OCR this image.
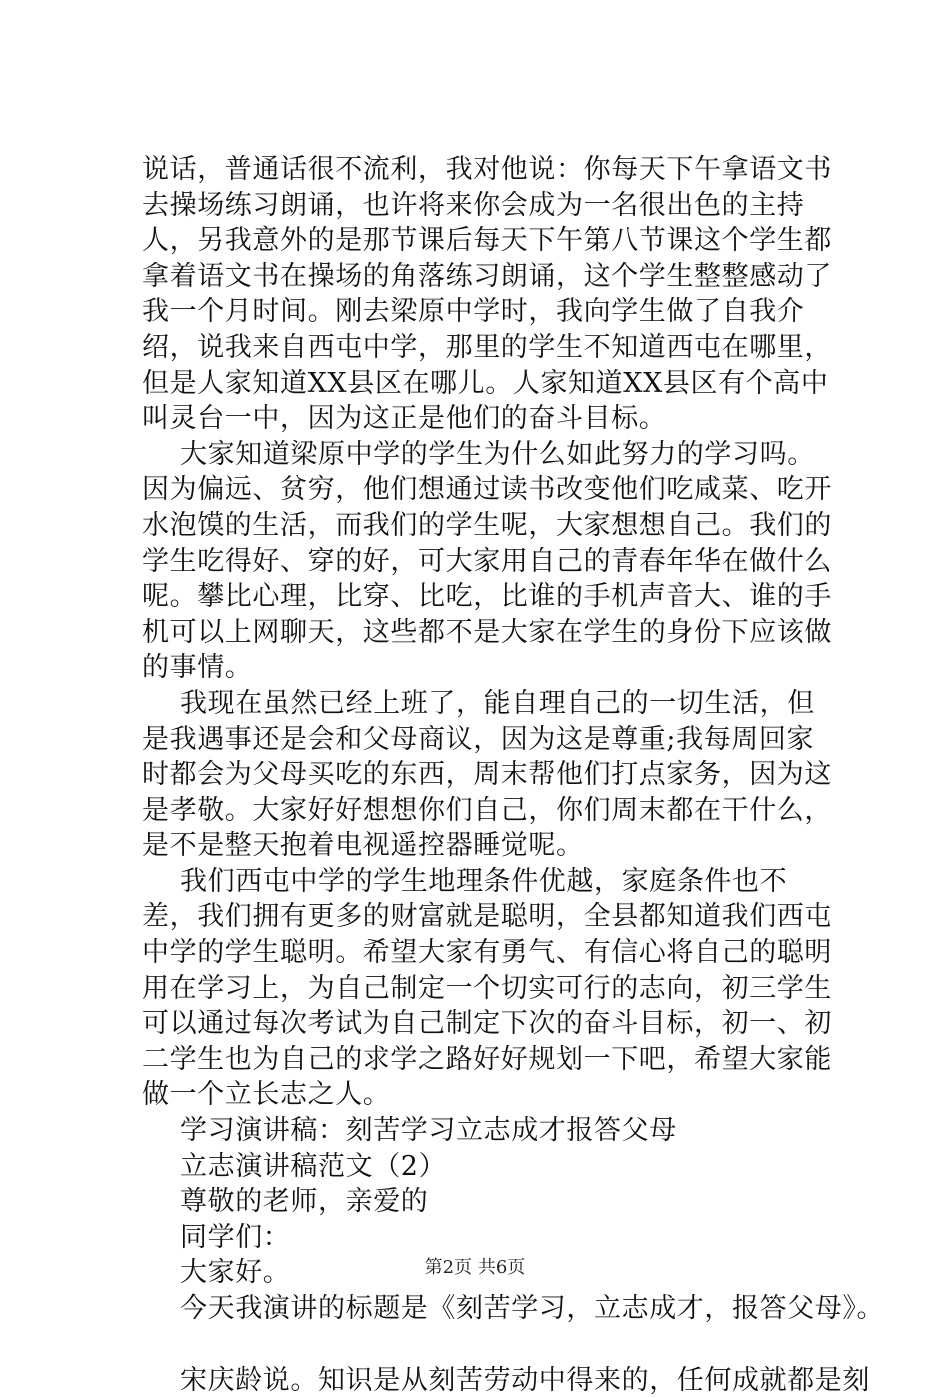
说话，普通话很不流利，我对他说：你每天下午拿语文书去操场练习朗诵，也许将来你会成为一名很出色的主持人，另我意外的是那节课后每天下午第八节课这个学生都拿着语文书在操场的角落练习朗诵，这个学生整整感动了我一个月时间。刚去梁原中学时，我向学生做了自我介绍，说我来自西屯中学，那里的学生不知道西屯在哪里，但是人家知道XX县区在哪儿。人家知道XX县区有个高中叫灵台一中，因为这正是他们的奋斗目标。

大家知道梁原中学的学生为什么如此努力的学习吗。因为偏远、贫穷，他们想通过读书改变他们吃咸菜、吃开水泡馍的生活，而我们的学生呢，大家想想自己。我们的学生吃得好、穿的好，可大家用自己的青春年华在做什么呢。攀比心理，比穿、比吃，比谁的手机声音大、谁的手机可以上网聊天，这些都不是大家在学生的身份下应该做的事情。

我现在虽然已经上班了，能自理自己的一切生活，但是我遇事还是会和父母商议，因为这是尊重;我每周回家时都会为父母买吃的东西，周末帮他们打点家务，因为这是孝敬。大家好好想想你们自己，你们周末都在干什么，是不是整天抱着电视遥控器睡觉呢。

我们西屯中学的学生地理条件优越，家庭条件也不差，我们拥有更多的财富就是聪明，全县都知道我们西屯中学的学生聪明。希望大家有勇气、有信心将自己的聪明用在学习上，为自己制定一个切实可行的志向，初三学生可以通过每次考试为自己制定下次的奋斗目标，初一、初二学生也为自己的求学之路好好规划一下吧，希望大家能做一个立长志之人。

学习演讲稿：刻苦学习立志成才报答父母

立志演讲稿范文（2）

尊敬的老师，亲爱的

同学们：

大家好。

今天我演讲的标题是《刻苦学习，立志成才，报答父母》。

宋庆龄说。知识是从刻苦劳动中得来的，任何成就都是刻

第2页 共6页
